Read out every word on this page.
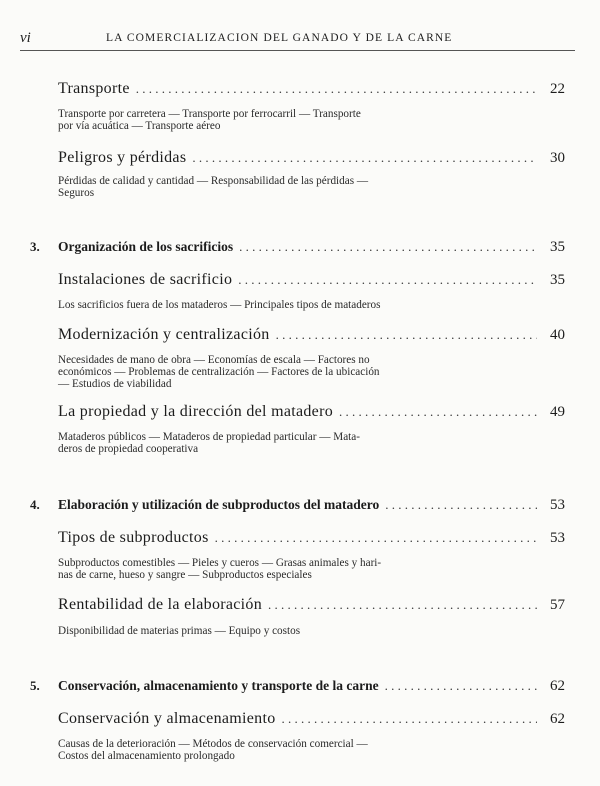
vi	LA COMERCIALIZACION DEL GANADO Y DE LA CARNE
Transporte . . .	22
Transporte por carretera — Transporte por ferrocarril — Transporte
por vía acuática — Transporte aéreo
Peligros y pérdidas . . .	30
Pérdidas de calidad y cantidad — Responsabilidad de las pérdidas —
Seguros
3.	Organización de los sacrificios . . .	35
Instalaciones de sacrificio . . .	35
Los sacrificios fuera de los mataderos — Principales tipos de mataderos
Modernización y centralización . . .	40
Necesidades de mano de obra — Economías de escala — Factores no
económicos — Problemas de centralización — Factores de la ubicación
— Estudios de viabilidad
La propiedad y la dirección del matadero . . .	49
Mataderos públicos — Mataderos de propiedad particular — Mata-
deros de propiedad cooperativa
4.	Elaboración y utilización de subproductos del matadero . . .	53
Tipos de subproductos . . .	53
Subproductos comestibles — Pieles y cueros — Grasas animales y hari-
nas de carne, hueso y sangre — Subproductos especiales
Rentabilidad de la elaboración . . .	57
Disponibilidad de materias primas — Equipo y costos
5.	Conservación, almacenamiento y transporte de la carne . . .	62
Conservación y almacenamiento . . .	62
Causas de la deterioración — Métodos de conservación comercial —
Costos del almacenamiento prolongado
